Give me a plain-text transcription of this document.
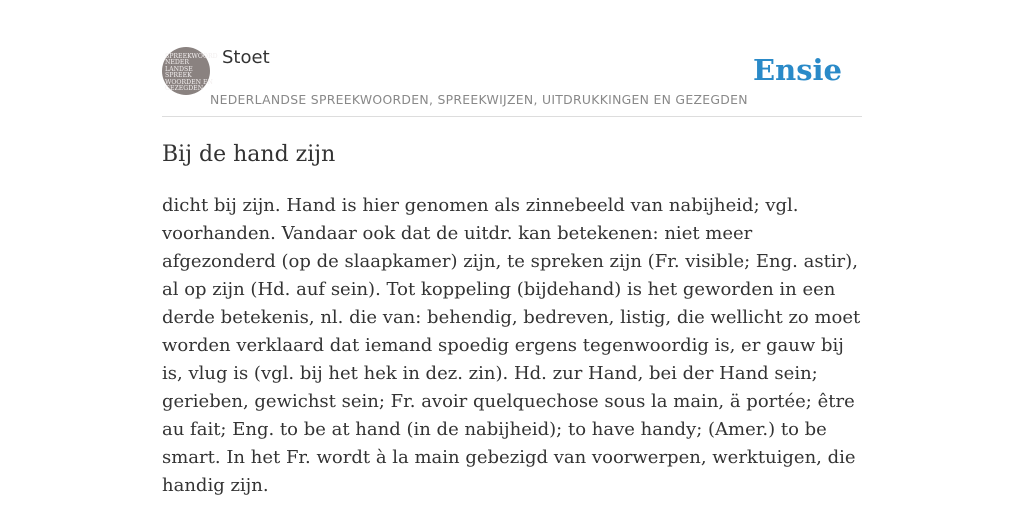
SPREEKWOORD
NEDER
LANDSE
SPREEK
WOORDEN EN
GEZEGDEN
Stoet
NEDERLANDSE SPREEKWOORDEN, SPREEKWIJZEN, UITDRUKKINGEN EN GEZEGDEN
Ensie
Bij de hand zijn

dicht bij zijn. Hand is hier genomen als zinnebeeld van nabijheid; vgl. voorhanden. Vandaar ook dat de uitdr. kan betekenen: niet meer afgezonderd (op de slaapkamer) zijn, te spreken zijn (Fr. visible; Eng. astir), al op zijn (Hd. auf sein). Tot koppeling (bijdehand) is het geworden in een derde betekenis, nl. die van: behendig, bedreven, listig, die wellicht zo moet worden verklaard dat iemand spoedig ergens tegenwoordig is, er gauw bij is, vlug is (vgl. bij het hek in dez. zin). Hd. zur Hand, bei der Hand sein; gerieben, gewichst sein; Fr. avoir quelquechose sous la main, ä portée; être au fait; Eng. to be at hand (in de nabijheid); to have handy; (Amer.) to be smart. In het Fr. wordt à la main gebezigd van voorwerpen, werktuigen, die handig zijn.
